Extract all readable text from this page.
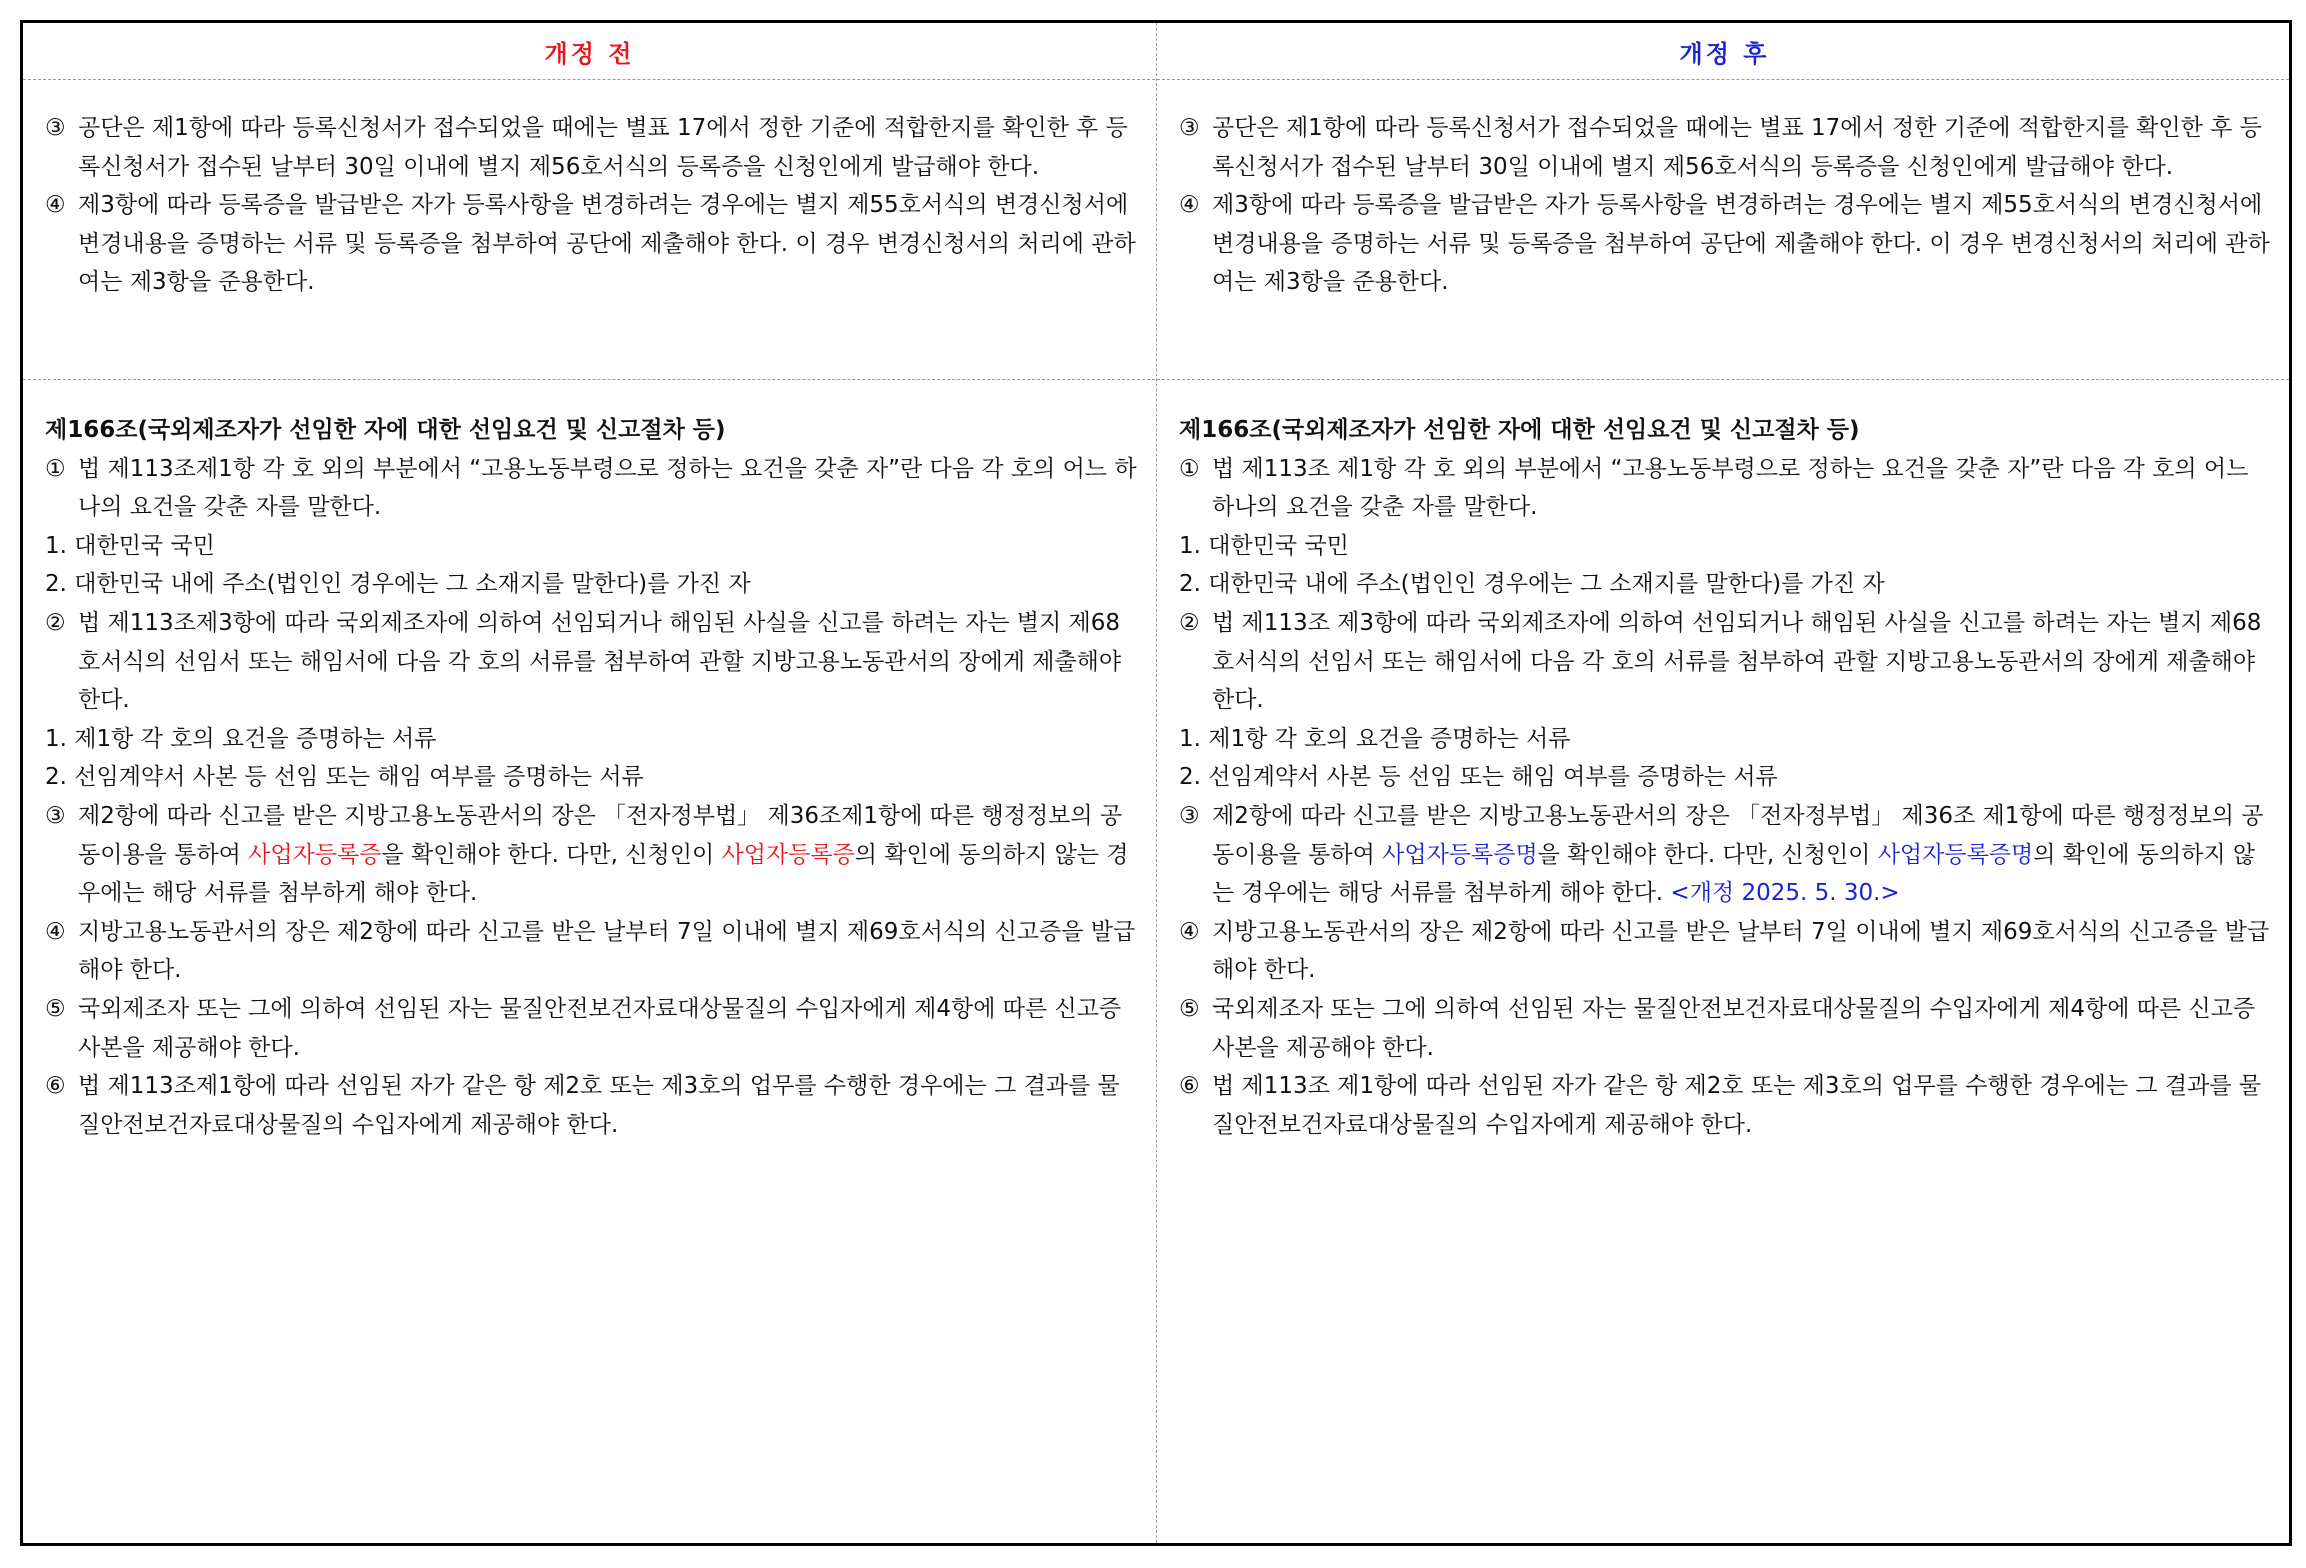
개정 전	개정 후

③ 공단은 제1항에 따라 등록신청서가 접수되었을 때에는 별표 17에서 정한 기준에 적합한지를 확인한 후 등록신청서가 접수된 날부터 30일 이내에 별지 제56호서식의 등록증을 신청인에게 발급해야 한다.

④ 제3항에 따라 등록증을 발급받은 자가 등록사항을 변경하려는 경우에는 별지 제55호서식의 변경신청서에 변경내용을 증명하는 서류 및 등록증을 첨부하여 공단에 제출해야 한다. 이 경우 변경신청서의 처리에 관하여는 제3항을 준용한다.

③ 공단은 제1항에 따라 등록신청서가 접수되었을 때에는 별표 17에서 정한 기준에 적합한지를 확인한 후 등록신청서가 접수된 날부터 30일 이내에 별지 제56호서식의 등록증을 신청인에게 발급해야 한다.

④ 제3항에 따라 등록증을 발급받은 자가 등록사항을 변경하려는 경우에는 별지 제55호서식의 변경신청서에 변경내용을 증명하는 서류 및 등록증을 첨부하여 공단에 제출해야 한다. 이 경우 변경신청서의 처리에 관하여는 제3항을 준용한다.

제166조(국외제조자가 선임한 자에 대한 선임요건 및 신고절차 등)

① 법 제113조제1항 각 호 외의 부분에서 “고용노동부령으로 정하는 요건을 갖춘 자”란 다음 각 호의 어느 하나의 요건을 갖춘 자를 말한다.

1. 대한민국 국민

2. 대한민국 내에 주소(법인인 경우에는 그 소재지를 말한다)를 가진 자

② 법 제113조제3항에 따라 국외제조자에 의하여 선임되거나 해임된 사실을 신고를 하려는 자는 별지 제68호서식의 선임서 또는 해임서에 다음 각 호의 서류를 첨부하여 관할 지방고용노동관서의 장에게 제출해야 한다.

1. 제1항 각 호의 요건을 증명하는 서류

2. 선임계약서 사본 등 선임 또는 해임 여부를 증명하는 서류

③ 제2항에 따라 신고를 받은 지방고용노동관서의 장은 「전자정부법」 제36조제1항에 따른 행정정보의 공동이용을 통하여 사업자등록증을 확인해야 한다. 다만, 신청인이 사업자등록증의 확인에 동의하지 않는 경우에는 해당 서류를 첨부하게 해야 한다.

④ 지방고용노동관서의 장은 제2항에 따라 신고를 받은 날부터 7일 이내에 별지 제69호서식의 신고증을 발급해야 한다.

⑤ 국외제조자 또는 그에 의하여 선임된 자는 물질안전보건자료대상물질의 수입자에게 제4항에 따른 신고증 사본을 제공해야 한다.

⑥ 법 제113조제1항에 따라 선임된 자가 같은 항 제2호 또는 제3호의 업무를 수행한 경우에는 그 결과를 물질안전보건자료대상물질의 수입자에게 제공해야 한다.

제166조(국외제조자가 선임한 자에 대한 선임요건 및 신고절차 등)

① 법 제113조 제1항 각 호 외의 부분에서 “고용노동부령으로 정하는 요건을 갖춘 자”란 다음 각 호의 어느 하나의 요건을 갖춘 자를 말한다.

1. 대한민국 국민

2. 대한민국 내에 주소(법인인 경우에는 그 소재지를 말한다)를 가진 자

② 법 제113조 제3항에 따라 국외제조자에 의하여 선임되거나 해임된 사실을 신고를 하려는 자는 별지 제68호서식의 선임서 또는 해임서에 다음 각 호의 서류를 첨부하여 관할 지방고용노동관서의 장에게 제출해야 한다.

1. 제1항 각 호의 요건을 증명하는 서류

2. 선임계약서 사본 등 선임 또는 해임 여부를 증명하는 서류

③ 제2항에 따라 신고를 받은 지방고용노동관서의 장은 「전자정부법」 제36조 제1항에 따른 행정정보의 공동이용을 통하여 사업자등록증명을 확인해야 한다. 다만, 신청인이 사업자등록증명의 확인에 동의하지 않는 경우에는 해당 서류를 첨부하게 해야 한다. <개정 2025. 5. 30.>

④ 지방고용노동관서의 장은 제2항에 따라 신고를 받은 날부터 7일 이내에 별지 제69호서식의 신고증을 발급해야 한다.

⑤ 국외제조자 또는 그에 의하여 선임된 자는 물질안전보건자료대상물질의 수입자에게 제4항에 따른 신고증 사본을 제공해야 한다.

⑥ 법 제113조 제1항에 따라 선임된 자가 같은 항 제2호 또는 제3호의 업무를 수행한 경우에는 그 결과를 물질안전보건자료대상물질의 수입자에게 제공해야 한다.
